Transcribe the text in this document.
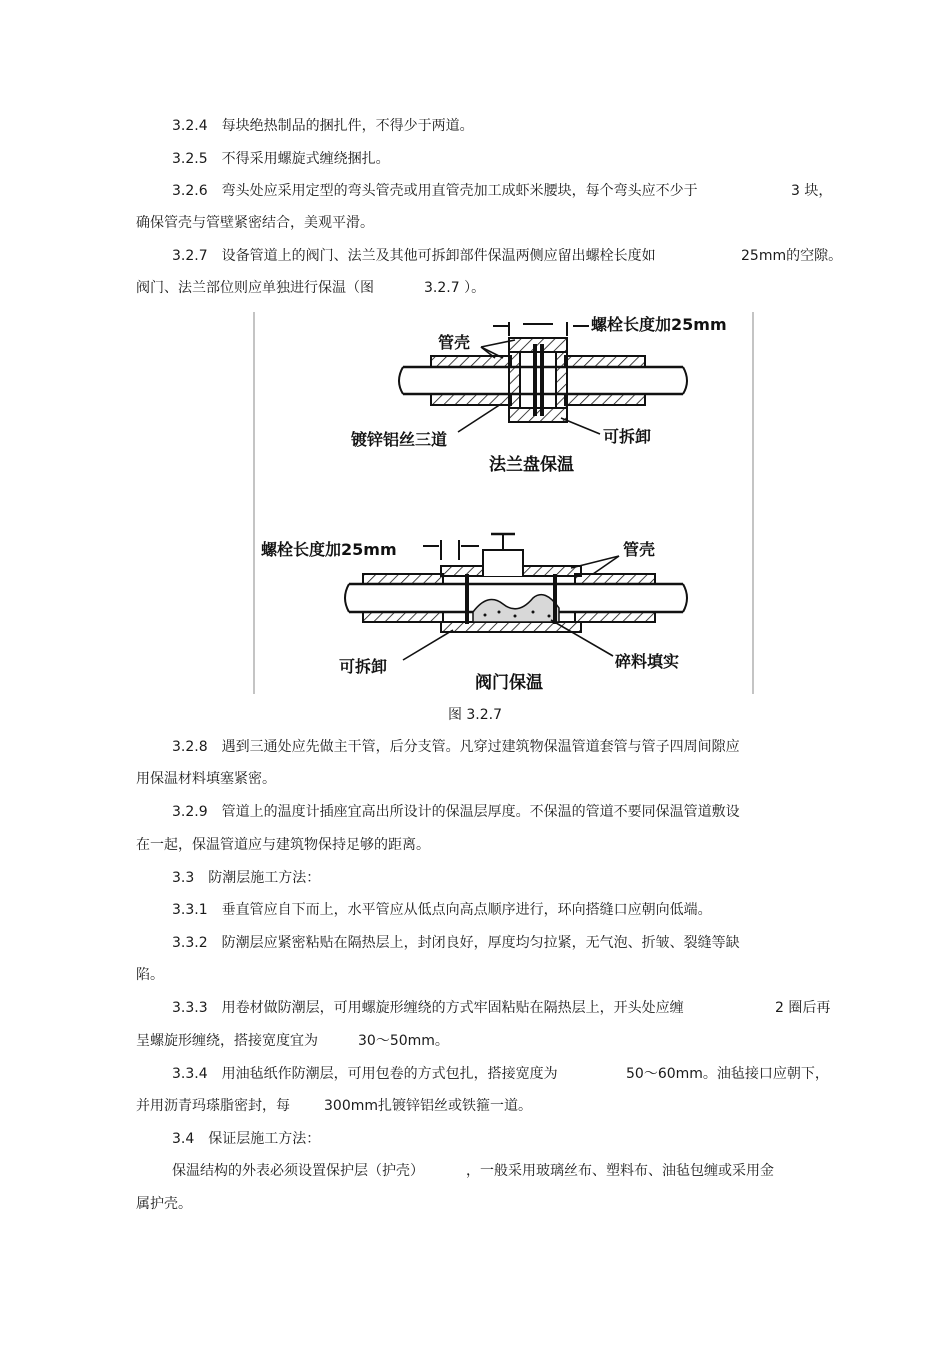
3.2.4　每块绝热制品的捆扎件，不得少于两道。
3.2.5　不得采用螺旋式缠绕捆扎。
3.2.6　弯头处应采用定型的弯头管壳或用直管壳加工成虾米腰块，每个弯头应不少于	3 块，
确保管壳与管壁紧密结合，美观平滑。
3.2.7　设备管道上的阀门、法兰及其他可拆卸部件保温两侧应留出螺栓长度如	25mm的空隙。
阀门、法兰部位则应单独进行保温（图	3.2.7 ）。
3.2.8　遇到三通处应先做主干管，后分支管。凡穿过建筑物保温管道套管与管子四周间隙应
用保温材料填塞紧密。
3.2.9　管道上的温度计插座宜高出所设计的保温层厚度。不保温的管道不要同保温管道敷设
在一起，保温管道应与建筑物保持足够的距离。
3.3　防潮层施工方法：
3.3.1　垂直管应自下而上，水平管应从低点向高点顺序进行，环向搭缝口应朝向低端。
3.3.2　防潮层应紧密粘贴在隔热层上，封闭良好，厚度均匀拉紧，无气泡、折皱、裂缝等缺
陷。
3.3.3　用卷材做防潮层，可用螺旋形缠绕的方式牢固粘贴在隔热层上，开头处应缠	2 圈后再
呈螺旋形缠绕，搭接宽度宜为	30～50mm。
3.3.4　用油毡纸作防潮层，可用包卷的方式包扎，搭接宽度为	50～60mm。油毡接口应朝下，
并用沥青玛瑹脂密封，每 300mm扎镀锌铝丝或铁箍一道。
3.4　保证层施工方法：
保温结构的外表必须设置保护层（护壳）	，一般采用玻璃丝布、塑料布、油毡包缠或采用金
属护壳。
管壳
螺栓长度加25mm
镀锌铝丝三道	可拆卸
法兰盘保温
管壳
螺栓长度加25mm
可拆卸	碎料填实
阀门保温
图 3.2.7
